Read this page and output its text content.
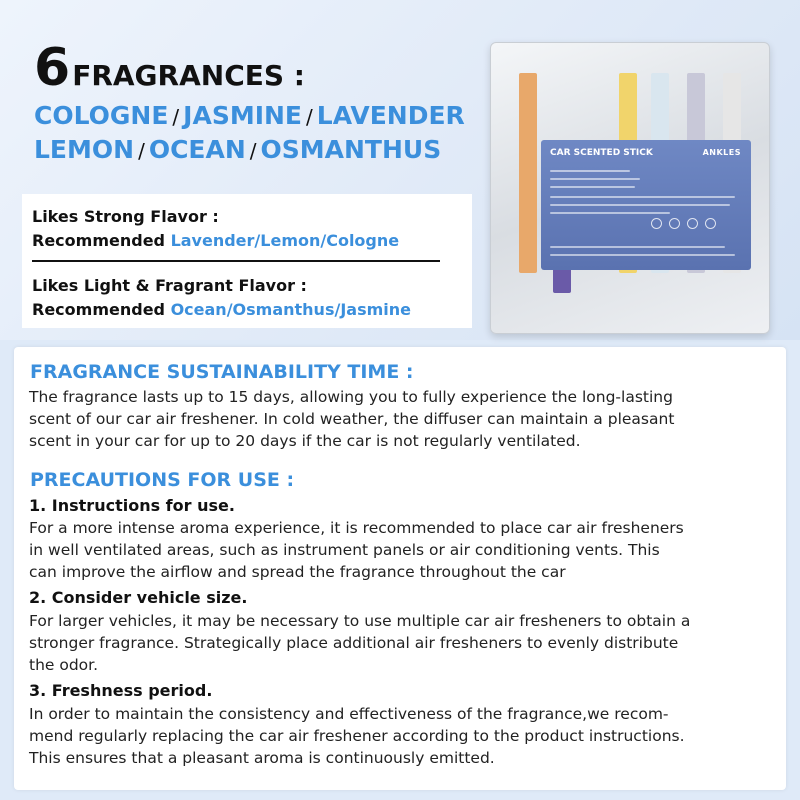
6 FRAGRANCES :
COLOGNE / JASMINE / LAVENDER
LEMON / OCEAN / OSMANTHUS
Likes Strong Flavor :
Recommended Lavender/Lemon/Cologne
Likes Light & Fragrant Flavor :
Recommended Ocean/Osmanthus/Jasmine
CAR SCENTED STICK	ANKLES
FRAGRANCE SUSTAINABILITY TIME :
The fragrance lasts up to 15 days, allowing you to fully experience the long-lasting
scent of our car air freshener. In cold weather, the diffuser can maintain a pleasant
scent in your car for up to 20 days if the car is not regularly ventilated.
PRECAUTIONS FOR USE :
1. Instructions for use.
For a more intense aroma experience, it is recommended to place car air fresheners
in well ventilated areas, such as instrument panels or air conditioning vents. This
can improve the airflow and spread the fragrance throughout the car
2. Consider vehicle size.
For larger vehicles, it may be necessary to use multiple car air fresheners to obtain a
stronger fragrance. Strategically place additional air fresheners to evenly distribute
the odor.
3. Freshness period.
In order to maintain the consistency and effectiveness of the fragrance,we recom-
mend regularly replacing the car air freshener according to the product instructions.
This ensures that a pleasant aroma is continuously emitted.
